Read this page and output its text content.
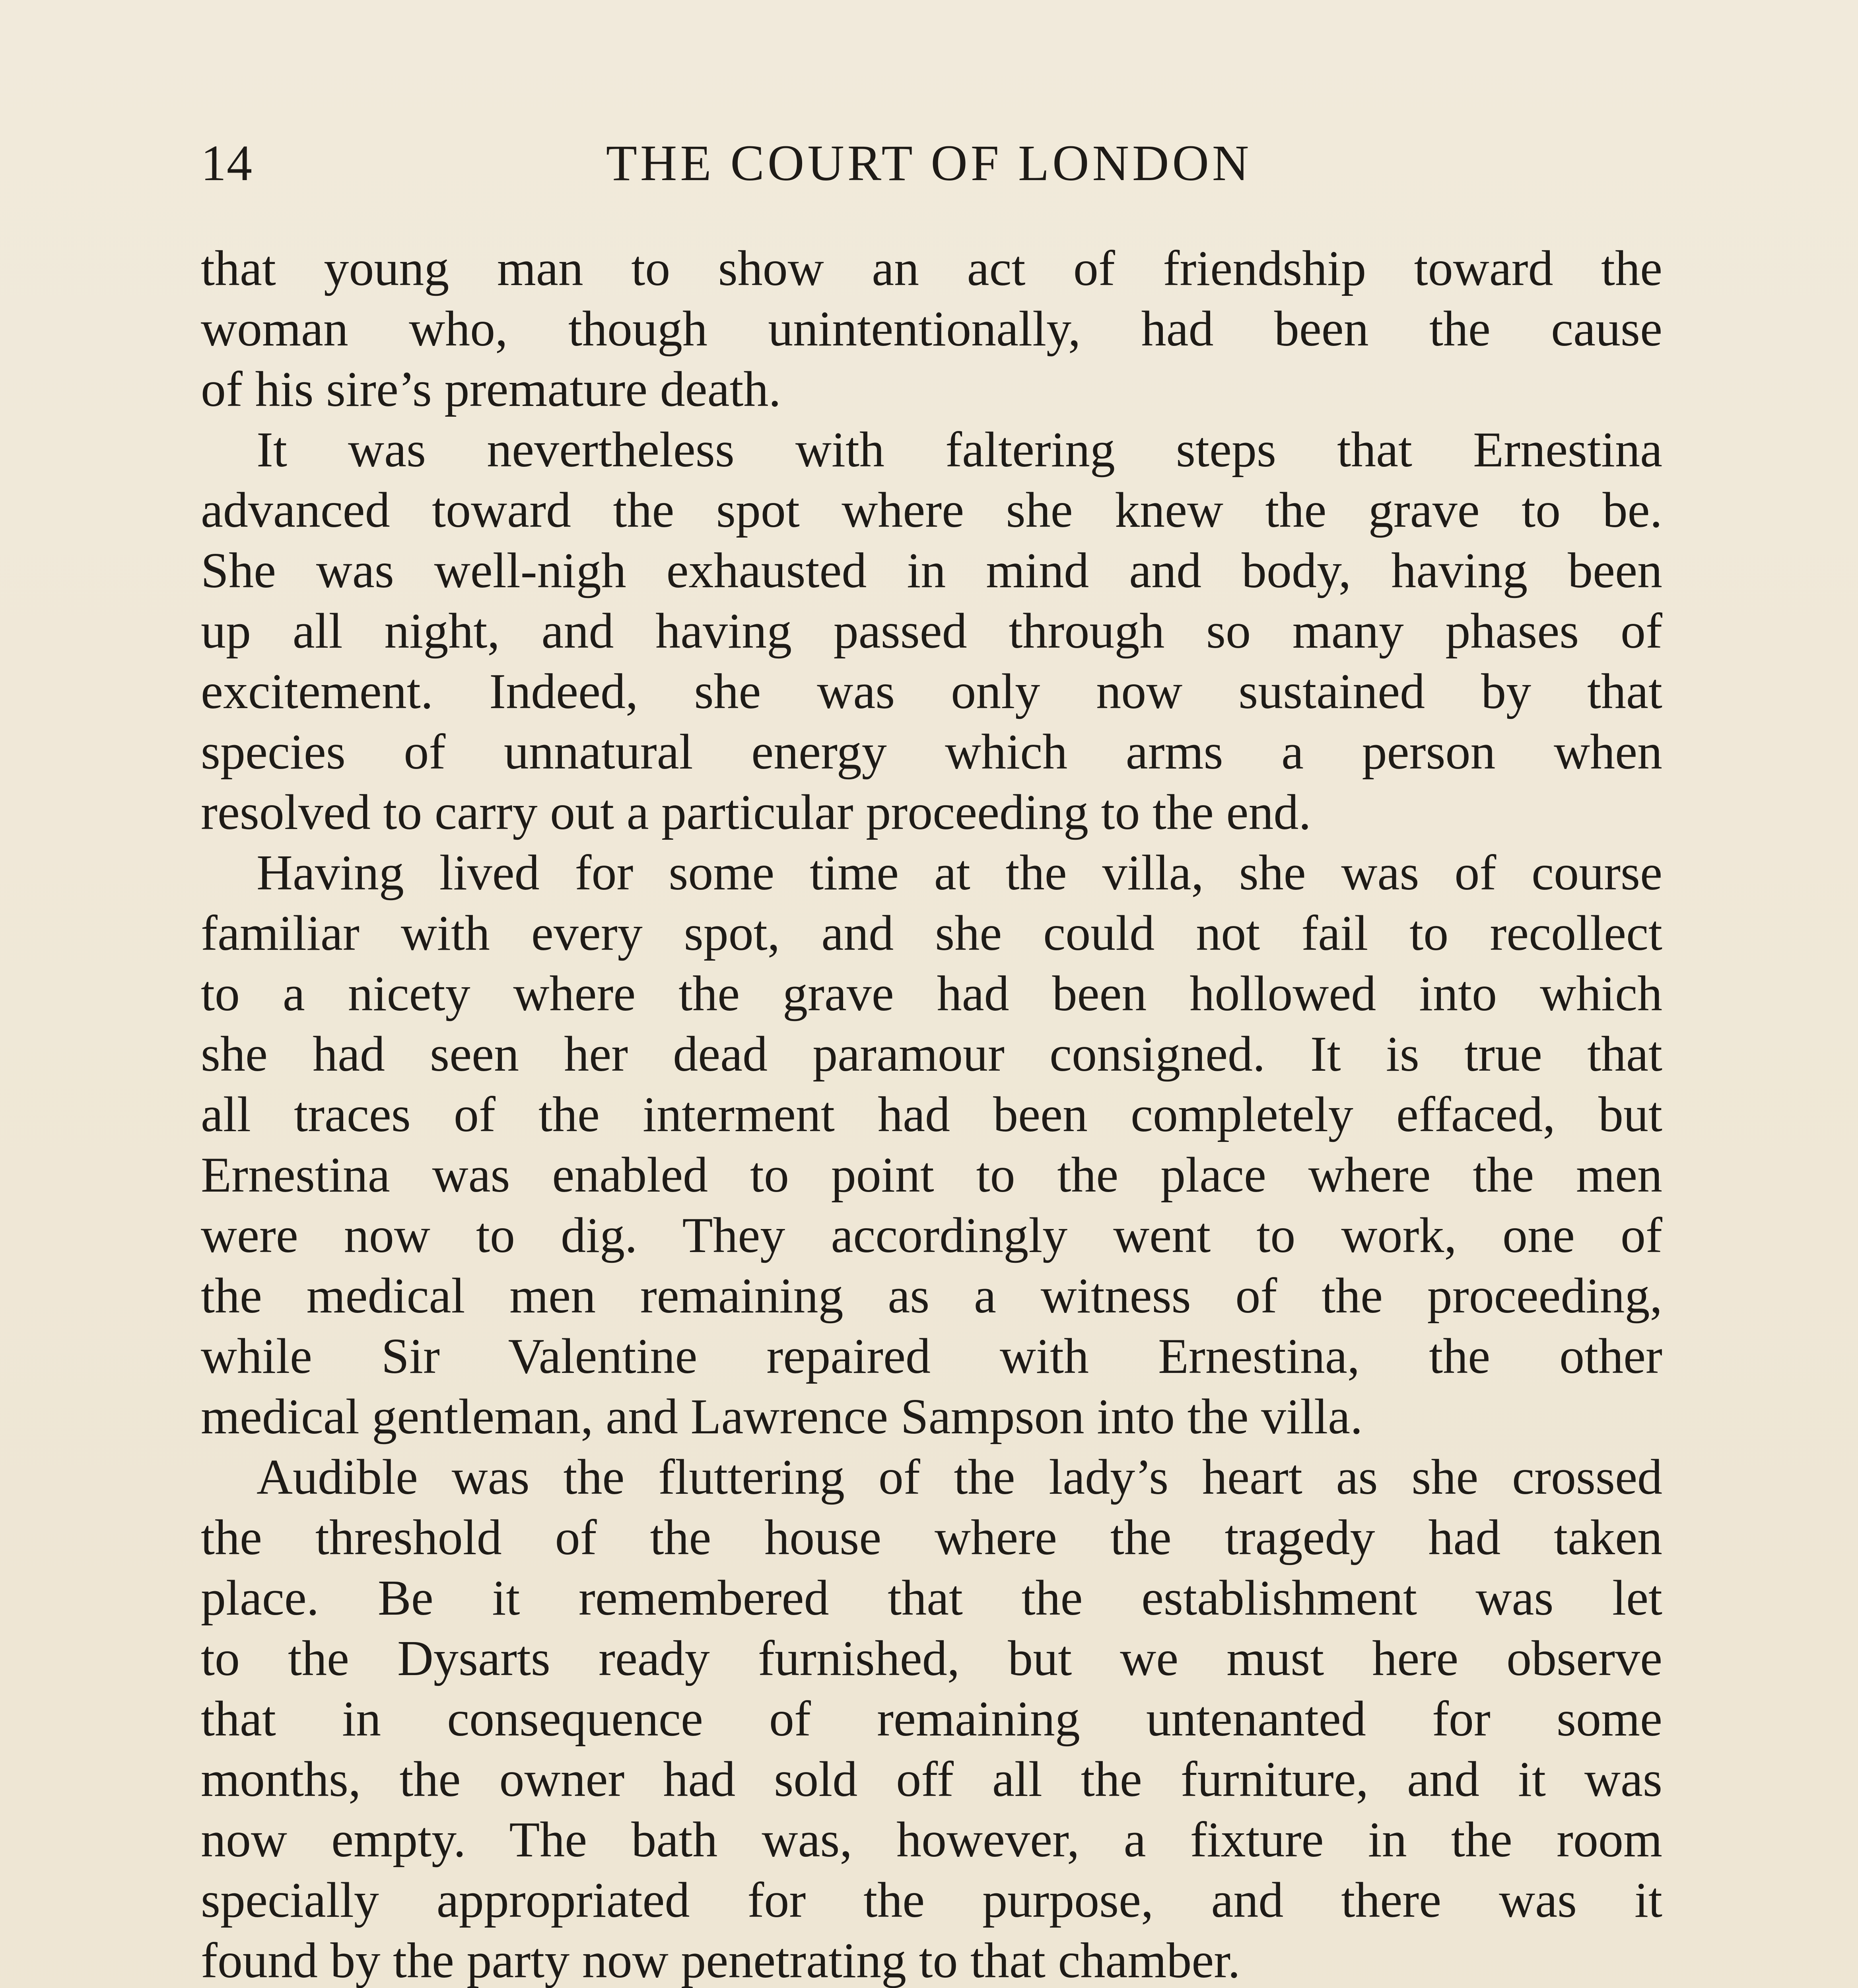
14	THE COURT OF LONDON
that young man to show an act of friendship toward the
woman who, though unintentionally, had been the cause
of his sire’s premature death.
It was nevertheless with faltering steps that Ernestina
advanced toward the spot where she knew the grave to be.
She was well-nigh exhausted in mind and body, having been
up all night, and having passed through so many phases of
excitement. Indeed, she was only now sustained by that
species of unnatural energy which arms a person when
resolved to carry out a particular proceeding to the end.
Having lived for some time at the villa, she was of course
familiar with every spot, and she could not fail to recollect
to a nicety where the grave had been hollowed into which
she had seen her dead paramour consigned. It is true that
all traces of the interment had been completely effaced, but
Ernestina was enabled to point to the place where the men
were now to dig. They accordingly went to work, one of
the medical men remaining as a witness of the proceeding,
while Sir Valentine repaired with Ernestina, the other
medical gentleman, and Lawrence Sampson into the villa.
Audible was the fluttering of the lady’s heart as she crossed
the threshold of the house where the tragedy had taken
place. Be it remembered that the establishment was let
to the Dysarts ready furnished, but we must here observe
that in consequence of remaining untenanted for some
months, the owner had sold off all the furniture, and it was
now empty. The bath was, however, a fixture in the room
specially appropriated for the purpose, and there was it
found by the party now penetrating to that chamber.
